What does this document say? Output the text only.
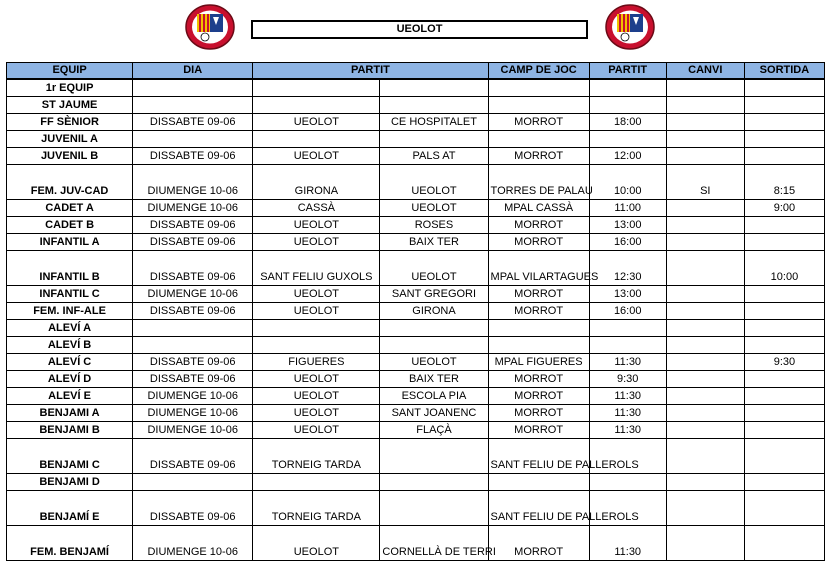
UEOLOT
EQUIP	DIA	PARTIT		CAMP DE JOC	PARTIT	CANVI	SORTIDA
1r EQUIP							
ST JAUME							
FF SÈNIOR	DISSABTE 09-06	UEOLOT	CE HOSPITALET	MORROT	18:00		
JUVENIL A							
JUVENIL B	DISSABTE 09-06	UEOLOT	PALS AT	MORROT	12:00		
FEM. JUV-CAD	DIUMENGE 10-06	GIRONA	UEOLOT	TORRES DE PALAU	10:00	SI	8:15
CADET A	DIUMENGE 10-06	CASSÀ	UEOLOT	MPAL CASSÀ	11:00		9:00
CADET B	DISSABTE 09-06	UEOLOT	ROSES	MORROT	13:00		
INFANTIL A	DISSABTE 09-06	UEOLOT	BAIX TER	MORROT	16:00		
INFANTIL B	DISSABTE 09-06	SANT FELIU GUXOLS	UEOLOT	MPAL VILARTAGUES	12:30		10:00
INFANTIL C	DIUMENGE 10-06	UEOLOT	SANT GREGORI	MORROT	13:00		
FEM. INF-ALE	DISSABTE 09-06	UEOLOT	GIRONA	MORROT	16:00		
ALEVÍ A							
ALEVÍ B							
ALEVÍ C	DISSABTE 09-06	FIGUERES	UEOLOT	MPAL FIGUERES	11:30		9:30
ALEVÍ D	DISSABTE 09-06	UEOLOT	BAIX TER	MORROT	9:30		
ALEVÍ E	DIUMENGE 10-06	UEOLOT	ESCOLA PIA	MORROT	11:30		
BENJAMI A	DIUMENGE 10-06	UEOLOT	SANT JOANENC	MORROT	11:30		
BENJAMI B	DIUMENGE 10-06	UEOLOT	FLAÇÀ	MORROT	11:30		
BENJAMI C	DISSABTE 09-06	TORNEIG TARDA		SANT FELIU DE PALLEROLS			
BENJAMI D							
BENJAMÍ E	DISSABTE 09-06	TORNEIG TARDA		SANT FELIU DE PALLEROLS			
FEM. BENJAMÍ	DIUMENGE 10-06	UEOLOT	CORNELLÀ DE TERRI	MORROT	11:30		
